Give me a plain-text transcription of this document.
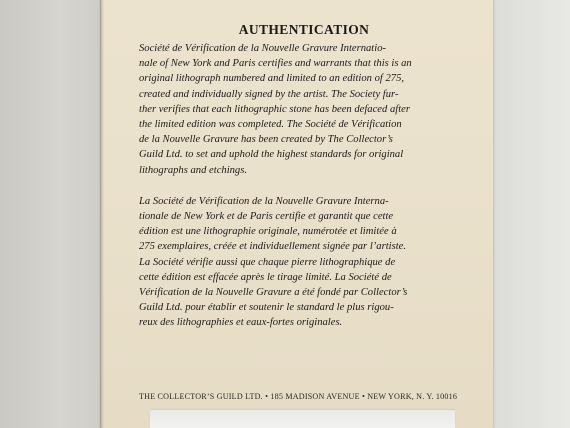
AUTHENTICATION

Société de Vérification de la Nouvelle Gravure Internatio-
nale of New York and Paris certifies and warrants that this is an
original lithograph numbered and limited to an edition of 275,
created and individually signed by the artist. The Society fur-
ther verifies that each lithographic stone has been defaced after
the limited edition was completed. The Société de Vérification
de la Nouvelle Gravure has been created by The Collector’s
Guild Ltd. to set and uphold the highest standards for original
lithographs and etchings.

La Société de Vérification de la Nouvelle Gravure Interna-
tionale de New York et de Paris certifie et garantit que cette
édition est une lithographie originale, numérotée et limitée à
275 exemplaires, créée et individuellement signée par l’artiste.
La Société vérifie aussi que chaque pierre lithographique de
cette édition est effacée après le tirage limité. La Société de
Vérification de la Nouvelle Gravure a été fondé par Collector’s
Guild Ltd. pour établir et soutenir le standard le plus rigou-
reux des lithographies et eaux-fortes originales.

THE COLLECTOR’S GUILD LTD. • 185 MADISON AVENUE • NEW YORK, N. Y. 10016
